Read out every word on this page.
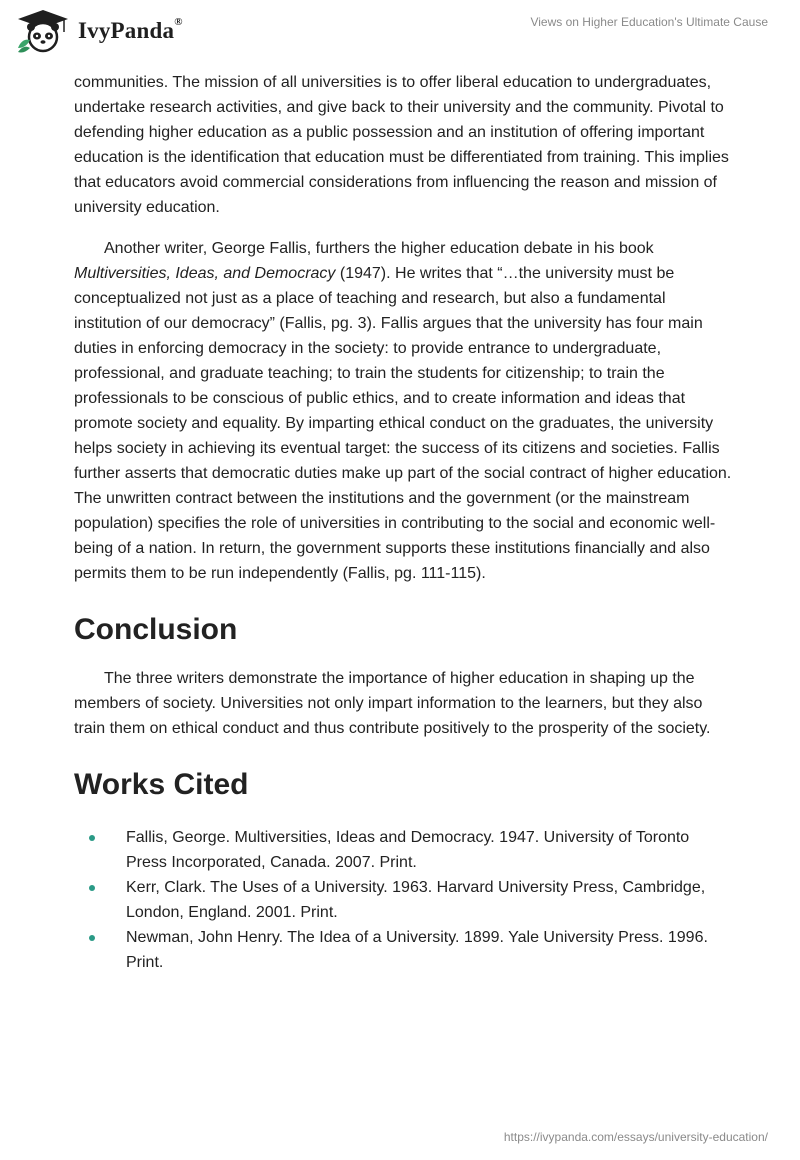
IvyPanda®	Views on Higher Education's Ultimate Cause

communities. The mission of all universities is to offer liberal education to undergraduates, undertake research activities, and give back to their university and the community. Pivotal to defending higher education as a public possession and an institution of offering important education is the identification that education must be differentiated from training. This implies that educators avoid commercial considerations from influencing the reason and mission of university education.

Another writer, George Fallis, furthers the higher education debate in his book Multiversities, Ideas, and Democracy (1947). He writes that “…the university must be conceptualized not just as a place of teaching and research, but also a fundamental institution of our democracy” (Fallis, pg. 3). Fallis argues that the university has four main duties in enforcing democracy in the society: to provide entrance to undergraduate, professional, and graduate teaching; to train the students for citizenship; to train the professionals to be conscious of public ethics, and to create information and ideas that promote society and equality. By imparting ethical conduct on the graduates, the university helps society in achieving its eventual target: the success of its citizens and societies. Fallis further asserts that democratic duties make up part of the social contract of higher education. The unwritten contract between the institutions and the government (or the mainstream population) specifies the role of universities in contributing to the social and economic well-being of a nation. In return, the government supports these institutions financially and also permits them to be run independently (Fallis, pg. 111-115).

Conclusion

The three writers demonstrate the importance of higher education in shaping up the members of society. Universities not only impart information to the learners, but they also train them on ethical conduct and thus contribute positively to the prosperity of the society.

Works Cited
Fallis, George. Multiversities, Ideas and Democracy. 1947. University of Toronto Press Incorporated, Canada. 2007. Print.
Kerr, Clark. The Uses of a University. 1963. Harvard University Press, Cambridge, London, England. 2001. Print.
Newman, John Henry. The Idea of a University. 1899. Yale University Press. 1996. Print.
https://ivypanda.com/essays/university-education/
